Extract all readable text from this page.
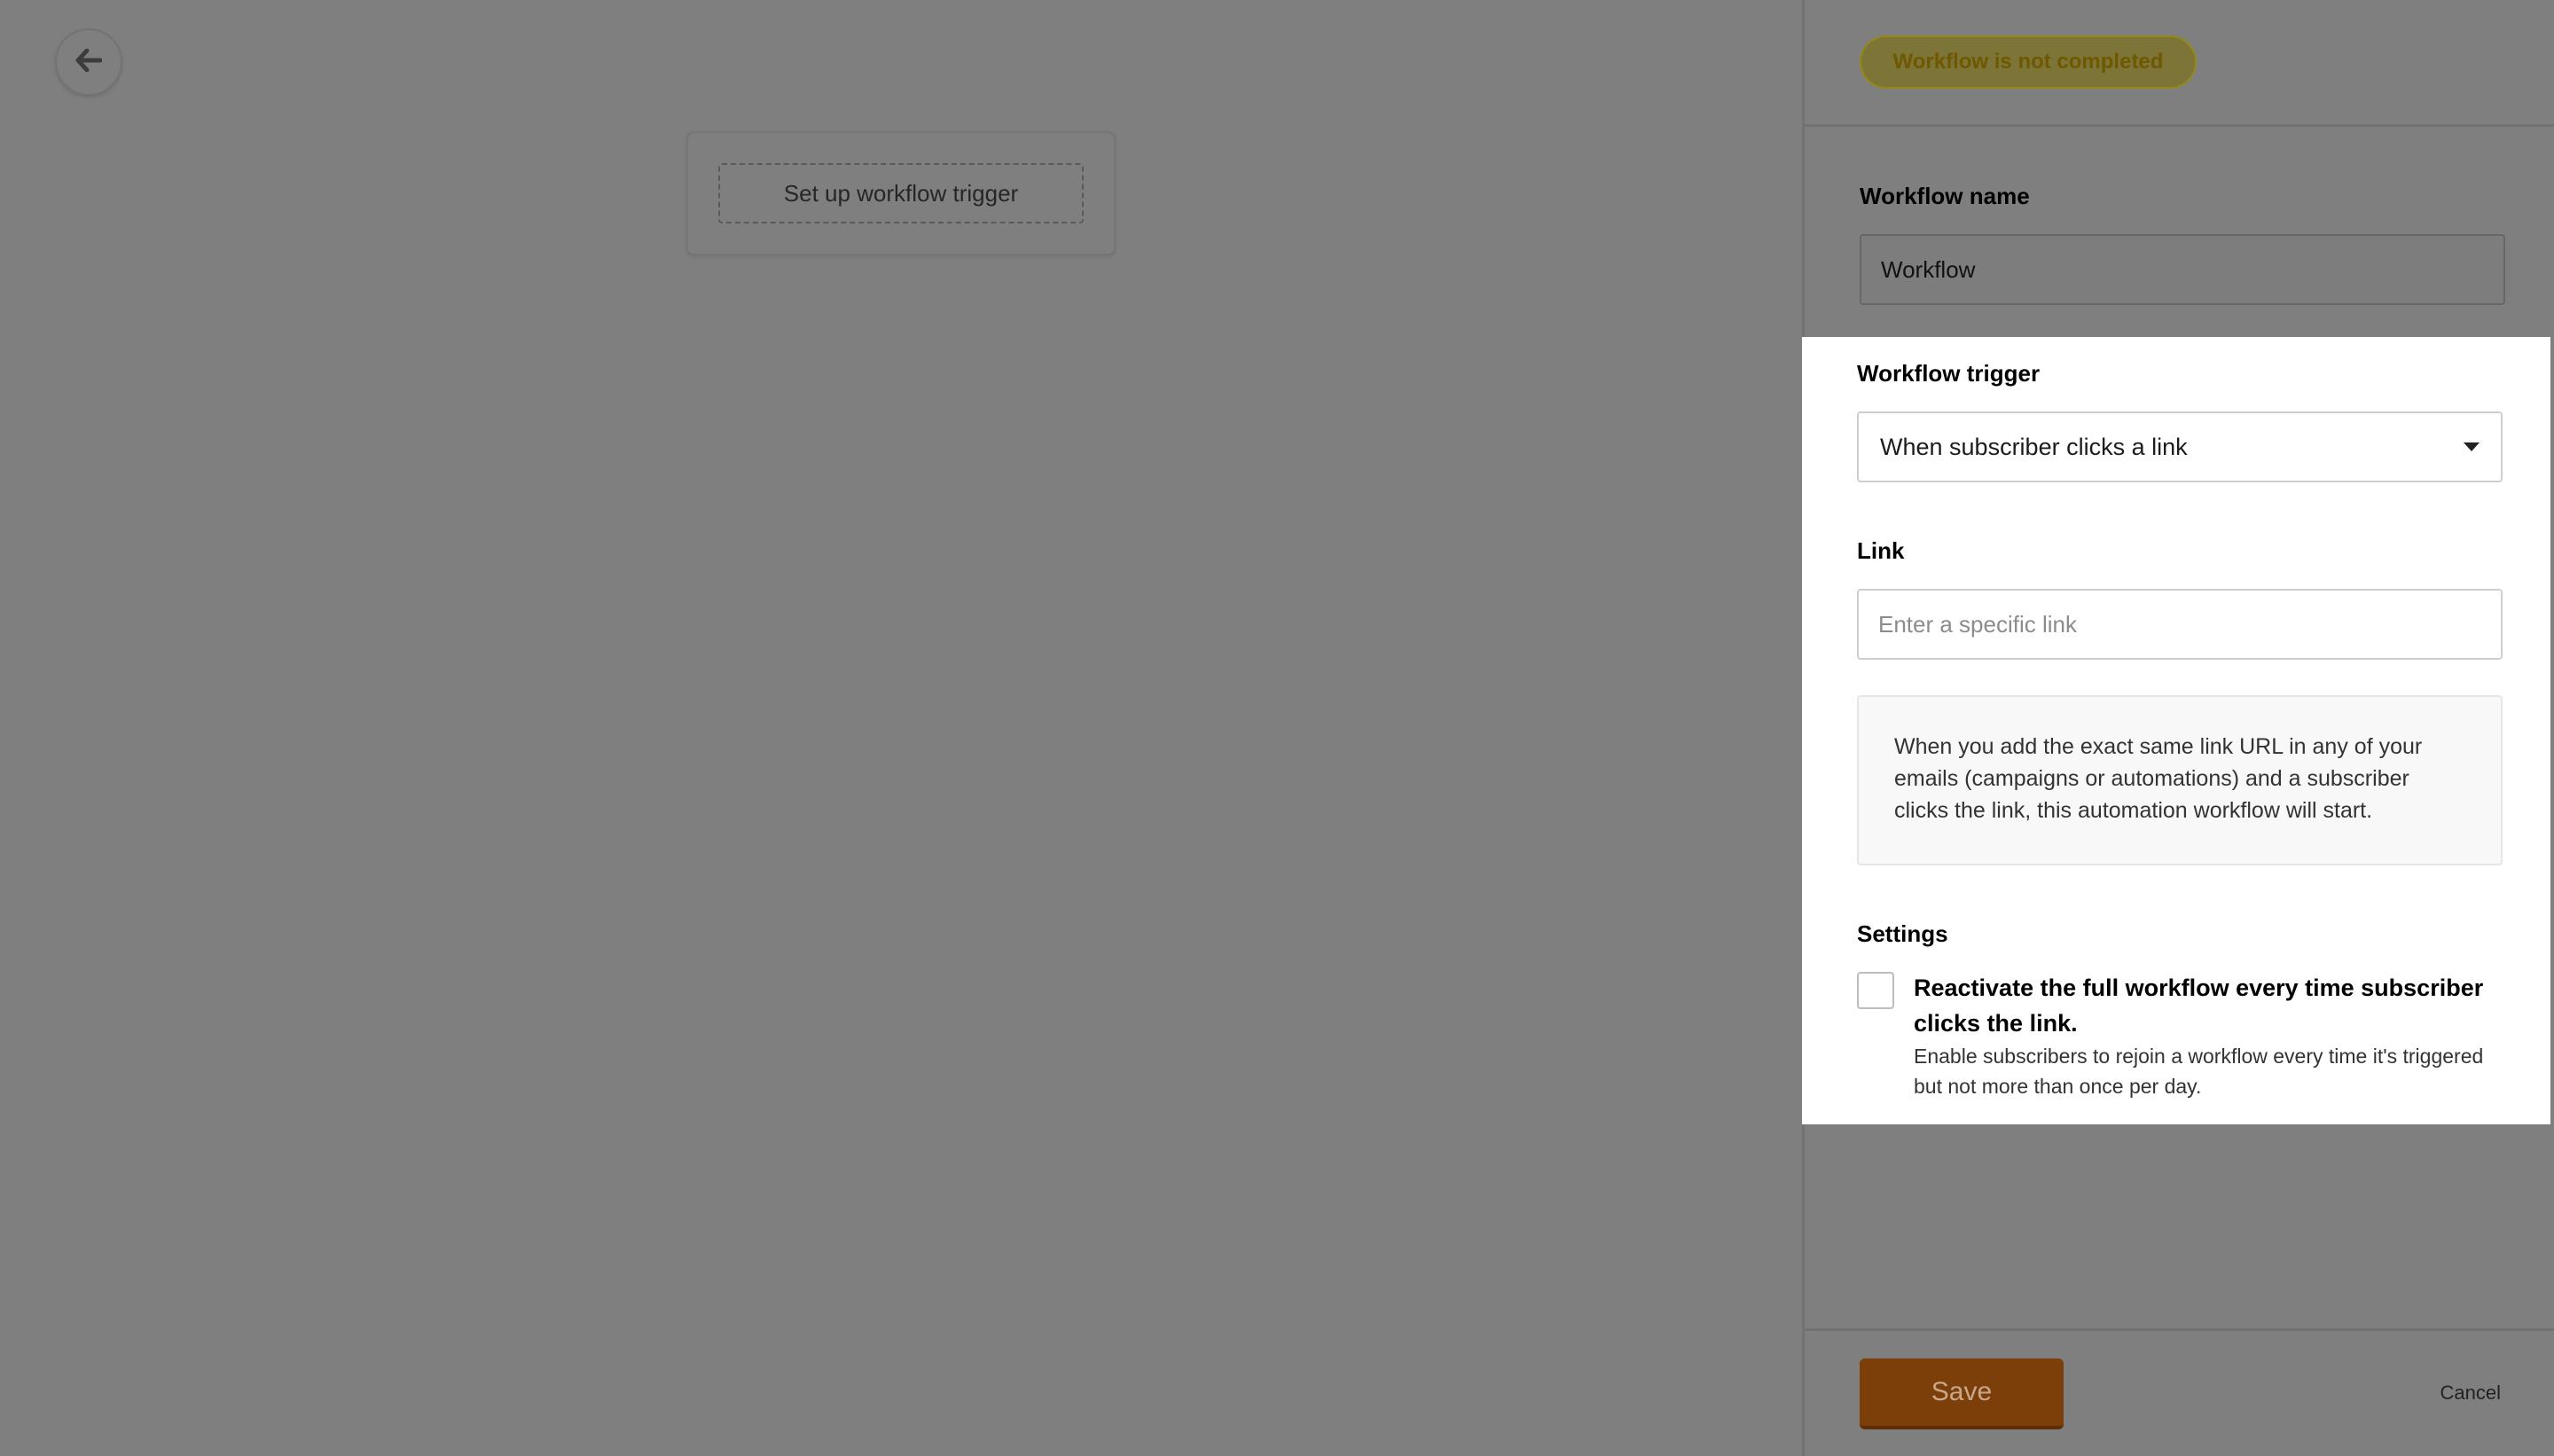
Set up workflow trigger
Workflow is not completed
Workflow name
Workflow
Save	Cancel
Workflow trigger
When subscriber clicks a link
Link
Enter a specific link
When you add the exact same link URL in any of your emails (campaigns or automations) and a subscriber clicks the link, this automation workflow will start.
Settings
Reactivate the full workflow every time subscriber clicks the link.
Enable subscribers to rejoin a workflow every time it's triggered but not more than once per day.
